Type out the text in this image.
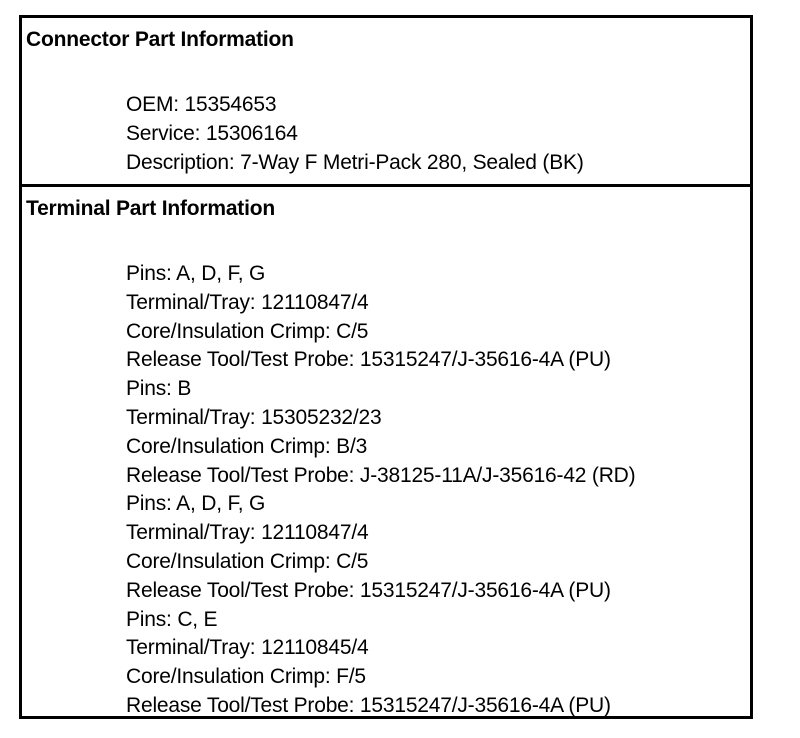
Connector Part Information
OEM: 15354653
Service: 15306164
Description: 7-Way F Metri-Pack 280, Sealed (BK)
Terminal Part Information
Pins: A, D, F, G
Terminal/Tray: 12110847/4
Core/Insulation Crimp: C/5
Release Tool/Test Probe: 15315247/J-35616-4A (PU)
Pins: B
Terminal/Tray: 15305232/23
Core/Insulation Crimp: B/3
Release Tool/Test Probe: J-38125-11A/J-35616-42 (RD)
Pins: A, D, F, G
Terminal/Tray: 12110847/4
Core/Insulation Crimp: C/5
Release Tool/Test Probe: 15315247/J-35616-4A (PU)
Pins: C, E
Terminal/Tray: 12110845/4
Core/Insulation Crimp: F/5
Release Tool/Test Probe: 15315247/J-35616-4A (PU)
